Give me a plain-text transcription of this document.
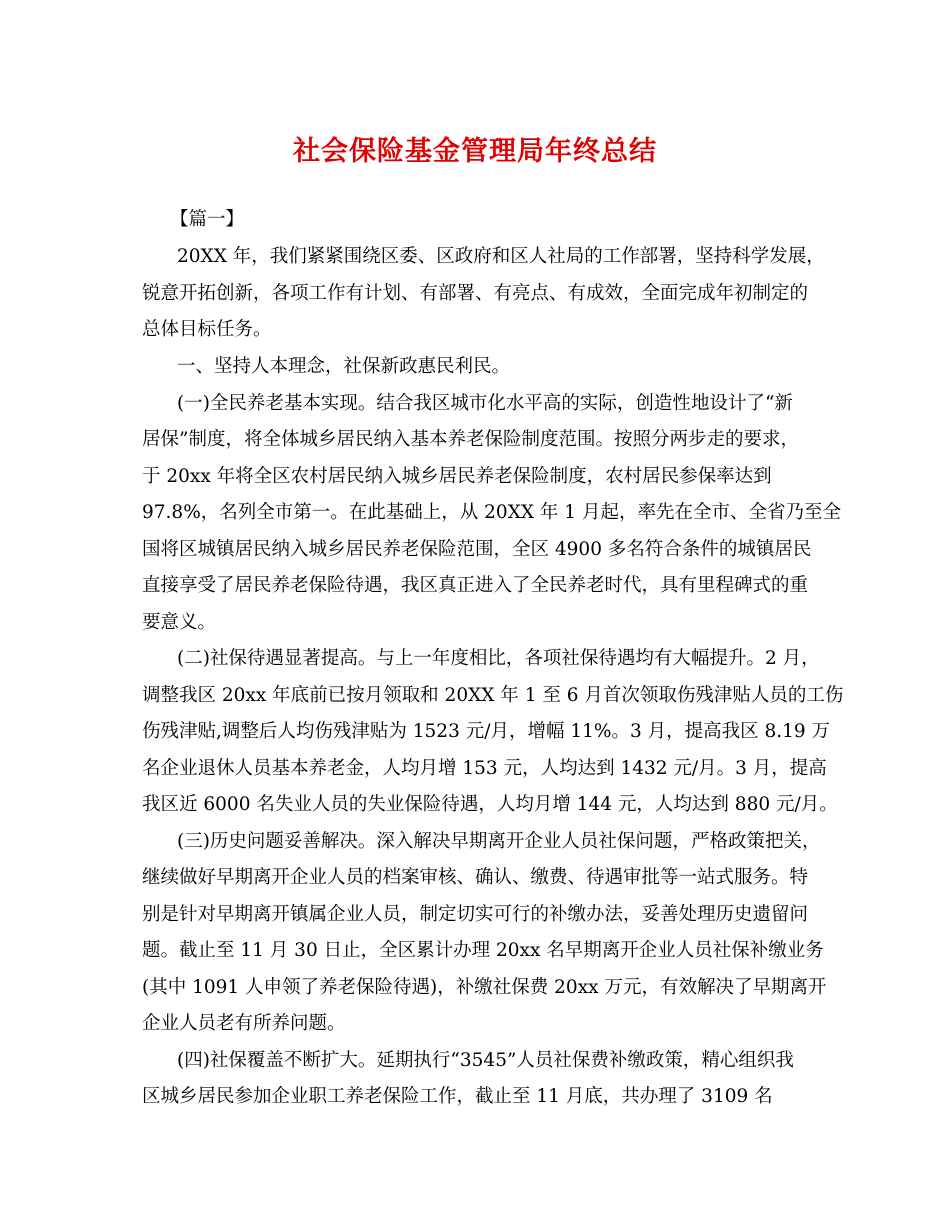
社会保险基金管理局年终总结
【篇一】
20XX 年，我们紧紧围绕区委、区政府和区人社局的工作部署，坚持科学发展，
锐意开拓创新，各项工作有计划、有部署、有亮点、有成效，全面完成年初制定的
总体目标任务。
一、坚持人本理念，社保新政惠民利民。
(一)全民养老基本实现。结合我区城市化水平高的实际，创造性地设计了“新
居保”制度，将全体城乡居民纳入基本养老保险制度范围。按照分两步走的要求，
于 20xx 年将全区农村居民纳入城乡居民养老保险制度，农村居民参保率达到
97.8%，名列全市第一。在此基础上，从 20XX 年 1 月起，率先在全市、全省乃至全
国将区城镇居民纳入城乡居民养老保险范围，全区 4900 多名符合条件的城镇居民
直接享受了居民养老保险待遇，我区真正进入了全民养老时代，具有里程碑式的重
要意义。
(二)社保待遇显著提高。与上一年度相比，各项社保待遇均有大幅提升。2 月，
调整我区 20xx 年底前已按月领取和 20XX 年 1 至 6 月首次领取伤残津贴人员的工伤
伤残津贴,调整后人均伤残津贴为 1523 元/月，增幅 11%。3 月，提高我区 8.19 万
名企业退休人员基本养老金，人均月增 153 元，人均达到 1432 元/月。3 月，提高
我区近 6000 名失业人员的失业保险待遇，人均月增 144 元，人均达到 880 元/月。
(三)历史问题妥善解决。深入解决早期离开企业人员社保问题，严格政策把关，
继续做好早期离开企业人员的档案审核、确认、缴费、待遇审批等一站式服务。特
别是针对早期离开镇属企业人员，制定切实可行的补缴办法，妥善处理历史遗留问
题。截止至 11 月 30 日止，全区累计办理 20xx 名早期离开企业人员社保补缴业务
(其中 1091 人申领了养老保险待遇)，补缴社保费 20xx 万元，有效解决了早期离开
企业人员老有所养问题。
(四)社保覆盖不断扩大。延期执行“3545”人员社保费补缴政策，精心组织我
区城乡居民参加企业职工养老保险工作，截止至 11 月底，共办理了 3109 名
